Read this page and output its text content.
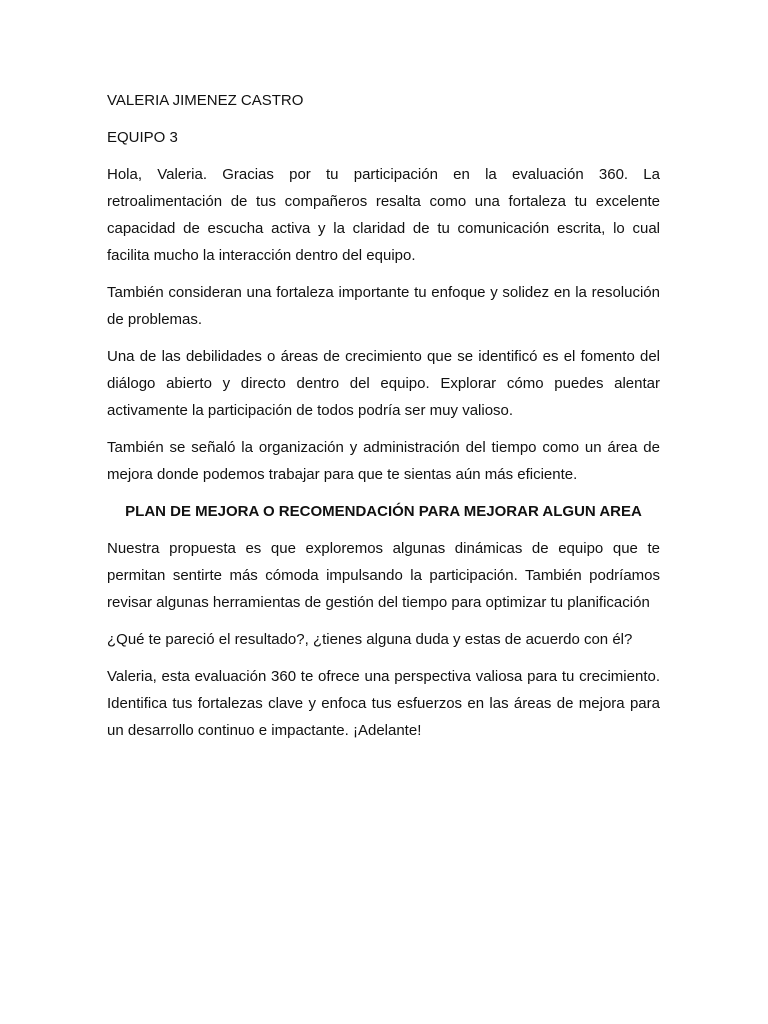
VALERIA JIMENEZ CASTRO

EQUIPO 3

Hola, Valeria. Gracias por tu participación en la evaluación 360. La retroalimentación de tus compañeros resalta como una fortaleza tu excelente capacidad de escucha activa y la claridad de tu comunicación escrita, lo cual facilita mucho la interacción dentro del equipo.

También consideran una fortaleza importante tu enfoque y solidez en la resolución de problemas.

Una de las debilidades o áreas de crecimiento que se identificó es el fomento del diálogo abierto y directo dentro del equipo. Explorar cómo puedes alentar activamente la participación de todos podría ser muy valioso.

También se señaló la organización y administración del tiempo como un área de mejora donde podemos trabajar para que te sientas aún más eficiente.

PLAN DE MEJORA O RECOMENDACIÓN PARA MEJORAR ALGUN AREA

Nuestra propuesta es que exploremos algunas dinámicas de equipo que te permitan sentirte más cómoda impulsando la participación. También podríamos revisar algunas herramientas de gestión del tiempo para optimizar tu planificación

¿Qué te pareció el resultado?, ¿tienes alguna duda y estas de acuerdo con él?

Valeria, esta evaluación 360 te ofrece una perspectiva valiosa para tu crecimiento. Identifica tus fortalezas clave y enfoca tus esfuerzos en las áreas de mejora para un desarrollo continuo e impactante. ¡Adelante!
